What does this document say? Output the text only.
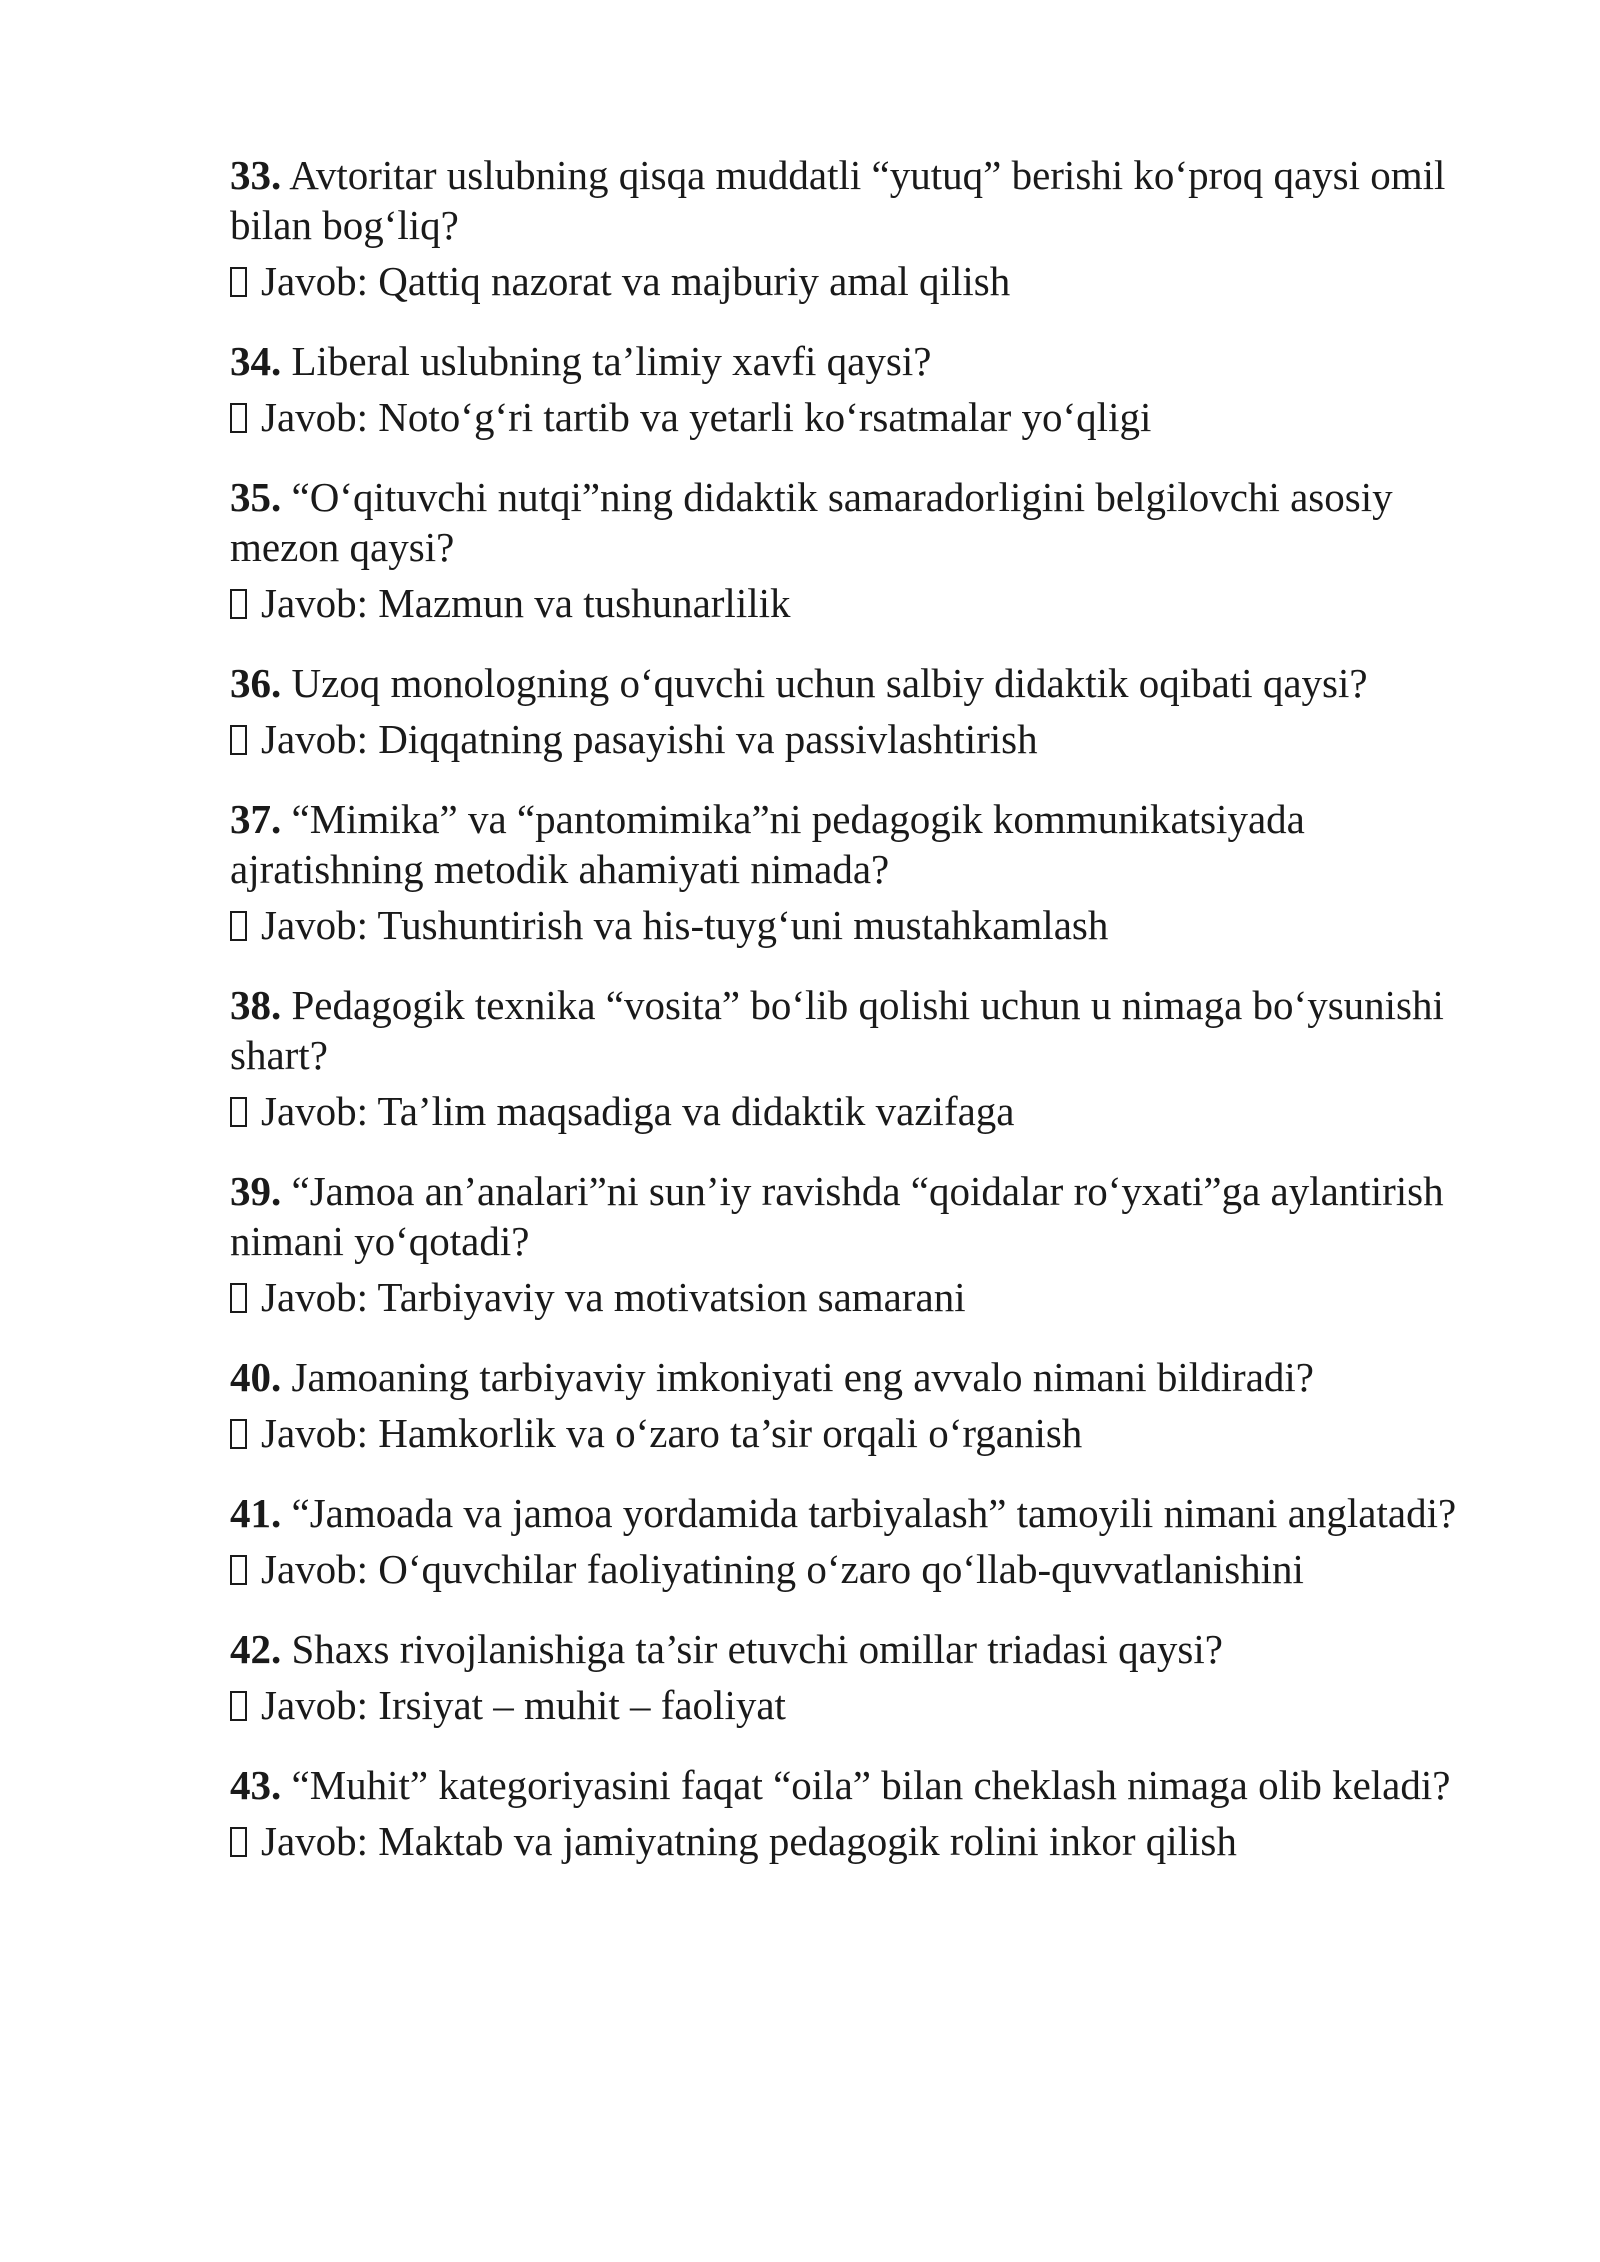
33. Avtoritar uslubning qisqa muddatli “yutuq” berishi ko‘proq qaysi omil bilan bog‘liq?

Javob: Qattiq nazorat va majburiy amal qilish

34. Liberal uslubning ta’limiy xavfi qaysi?

Javob: Noto‘g‘ri tartib va yetarli ko‘rsatmalar yo‘qligi

35. “O‘qituvchi nutqi”ning didaktik samaradorligini belgilovchi asosiy mezon qaysi?

Javob: Mazmun va tushunarlilik

36. Uzoq monologning o‘quvchi uchun salbiy didaktik oqibati qaysi?

Javob: Diqqatning pasayishi va passivlashtirish

37. “Mimika” va “pantomimika”ni pedagogik kommunikatsiyada ajratishning metodik ahamiyati nimada?

Javob: Tushuntirish va his-tuyg‘uni mustahkamlash

38. Pedagogik texnika “vosita” bo‘lib qolishi uchun u nimaga bo‘ysunishi shart?

Javob: Ta’lim maqsadiga va didaktik vazifaga

39. “Jamoa an’analari”ni sun’iy ravishda “qoidalar ro‘yxati”ga aylantirish nimani yo‘qotadi?

Javob: Tarbiyaviy va motivatsion samarani

40. Jamoaning tarbiyaviy imkoniyati eng avvalo nimani bildiradi?

Javob: Hamkorlik va o‘zaro ta’sir orqali o‘rganish

41. “Jamoada va jamoa yordamida tarbiyalash” tamoyili nimani anglatadi?

Javob: O‘quvchilar faoliyatining o‘zaro qo‘llab-quvvatlanishini

42. Shaxs rivojlanishiga ta’sir etuvchi omillar triadasi qaysi?

Javob: Irsiyat – muhit – faoliyat

43. “Muhit” kategoriyasini faqat “oila” bilan cheklash nimaga olib keladi?

Javob: Maktab va jamiyatning pedagogik rolini inkor qilish
